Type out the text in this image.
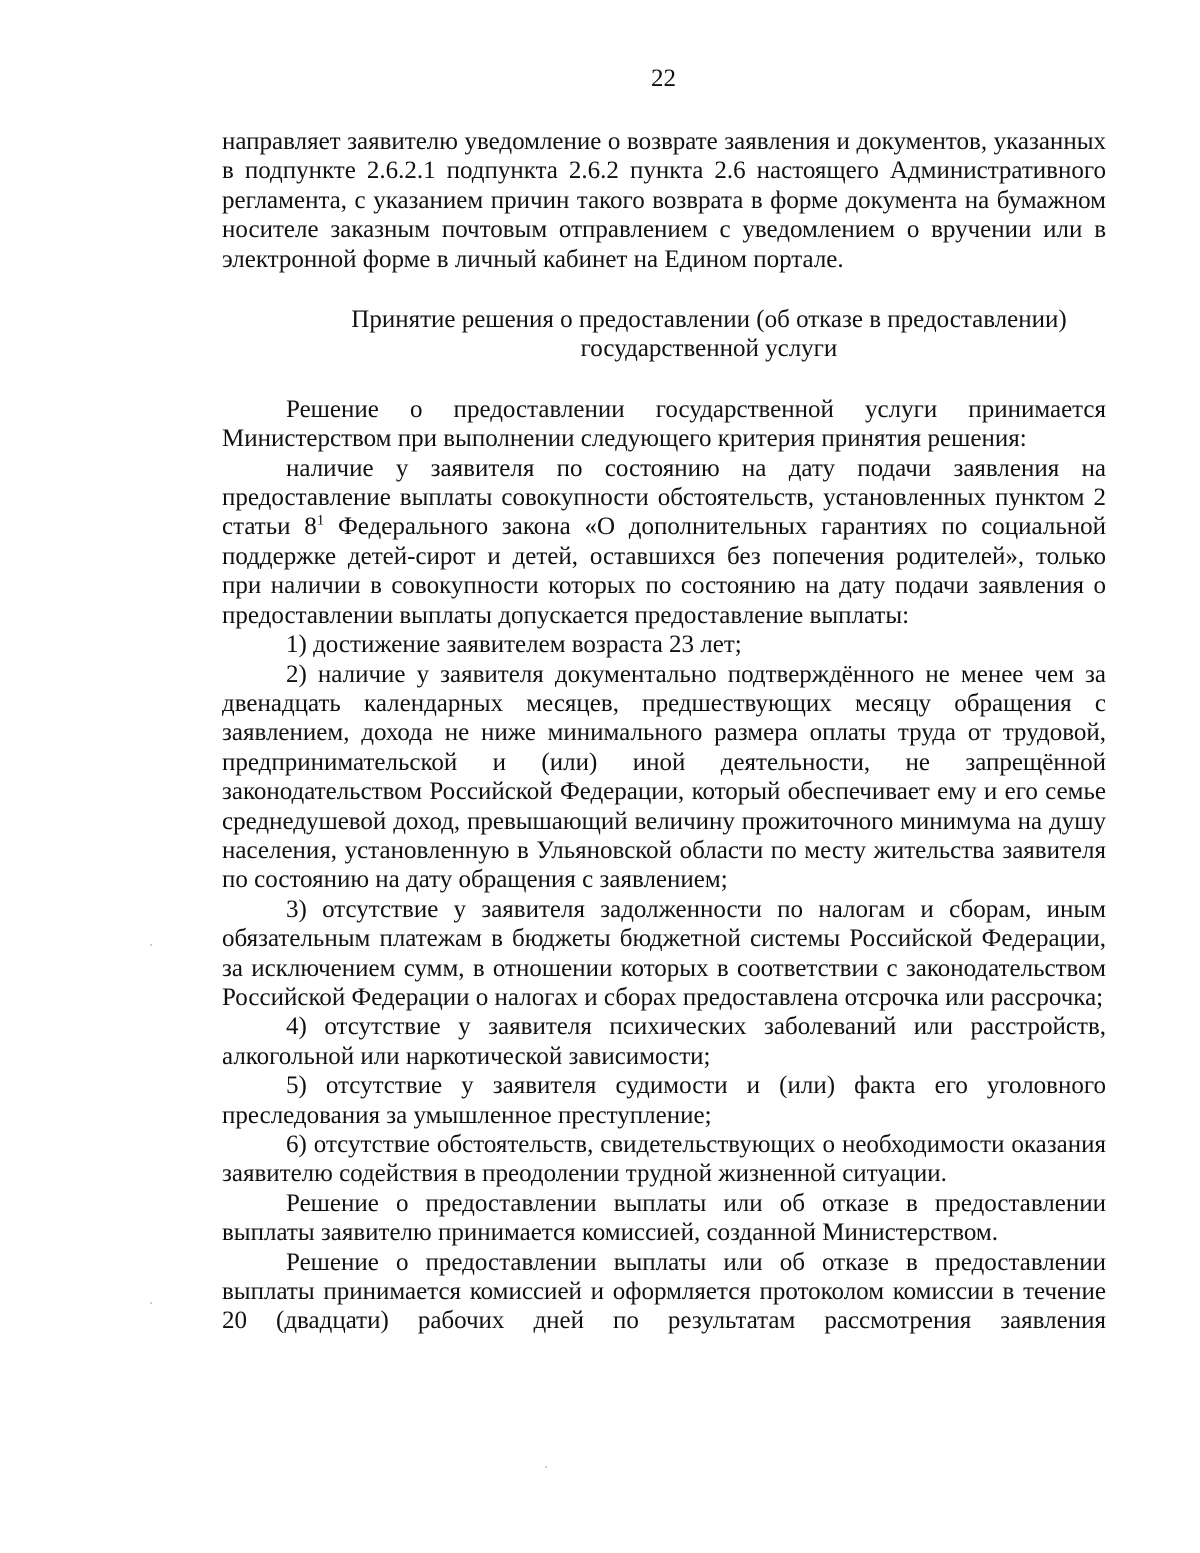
22

направляет заявителю уведомление о возврате заявления и документов, указанных в подпункте 2.6.2.1 подпункта 2.6.2 пункта 2.6 настоящего Административного регламента, с указанием причин такого возврата в форме документа на бумажном носителе заказным почтовым отправлением с уведомлением о вручении или в электронной форме в личный кабинет на Едином портале.

Принятие решения о предоставлении (об отказе в предоставлении)
государственной услуги

Решение о предоставлении государственной услуги принимается Министерством при выполнении следующего критерия принятия решения:

наличие у заявителя по состоянию на дату подачи заявления на предоставление выплаты совокупности обстоятельств, установленных пунктом 2 статьи $8^1$ Федерального закона «О дополнительных гарантиях по социальной поддержке детей-сирот и детей, оставшихся без попечения родителей», только при наличии в совокупности которых по состоянию на дату подачи заявления о предоставлении выплаты допускается предоставление выплаты:

1) достижение заявителем возраста 23 лет;

2) наличие у заявителя документально подтверждённого не менее чем за двенадцать календарных месяцев, предшествующих месяцу обращения с заявлением, дохода не ниже минимального размера оплаты труда от трудовой, предпринимательской и (или) иной деятельности, не запрещённой законодательством Российской Федерации, который обеспечивает ему и его семье среднедушевой доход, превышающий величину прожиточного минимума на душу населения, установленную в Ульяновской области по месту жительства заявителя по состоянию на дату обращения с заявлением;

3) отсутствие у заявителя задолженности по налогам и сборам, иным обязательным платежам в бюджеты бюджетной системы Российской Федерации, за исключением сумм, в отношении которых в соответствии с законодательством Российской Федерации о налогах и сборах предоставлена отсрочка или рассрочка;

4) отсутствие у заявителя психических заболеваний или расстройств, алкогольной или наркотической зависимости;

5) отсутствие у заявителя судимости и (или) факта его уголовного преследования за умышленное преступление;

6) отсутствие обстоятельств, свидетельствующих о необходимости оказания заявителю содействия в преодолении трудной жизненной ситуации.

Решение о предоставлении выплаты или об отказе в предоставлении выплаты заявителю принимается комиссией, созданной Министерством.

Решение о предоставлении выплаты или об отказе в предоставлении выплаты принимается комиссией и оформляется протоколом комиссии в течение 20 (двадцати) рабочих дней по результатам рассмотрения заявления
